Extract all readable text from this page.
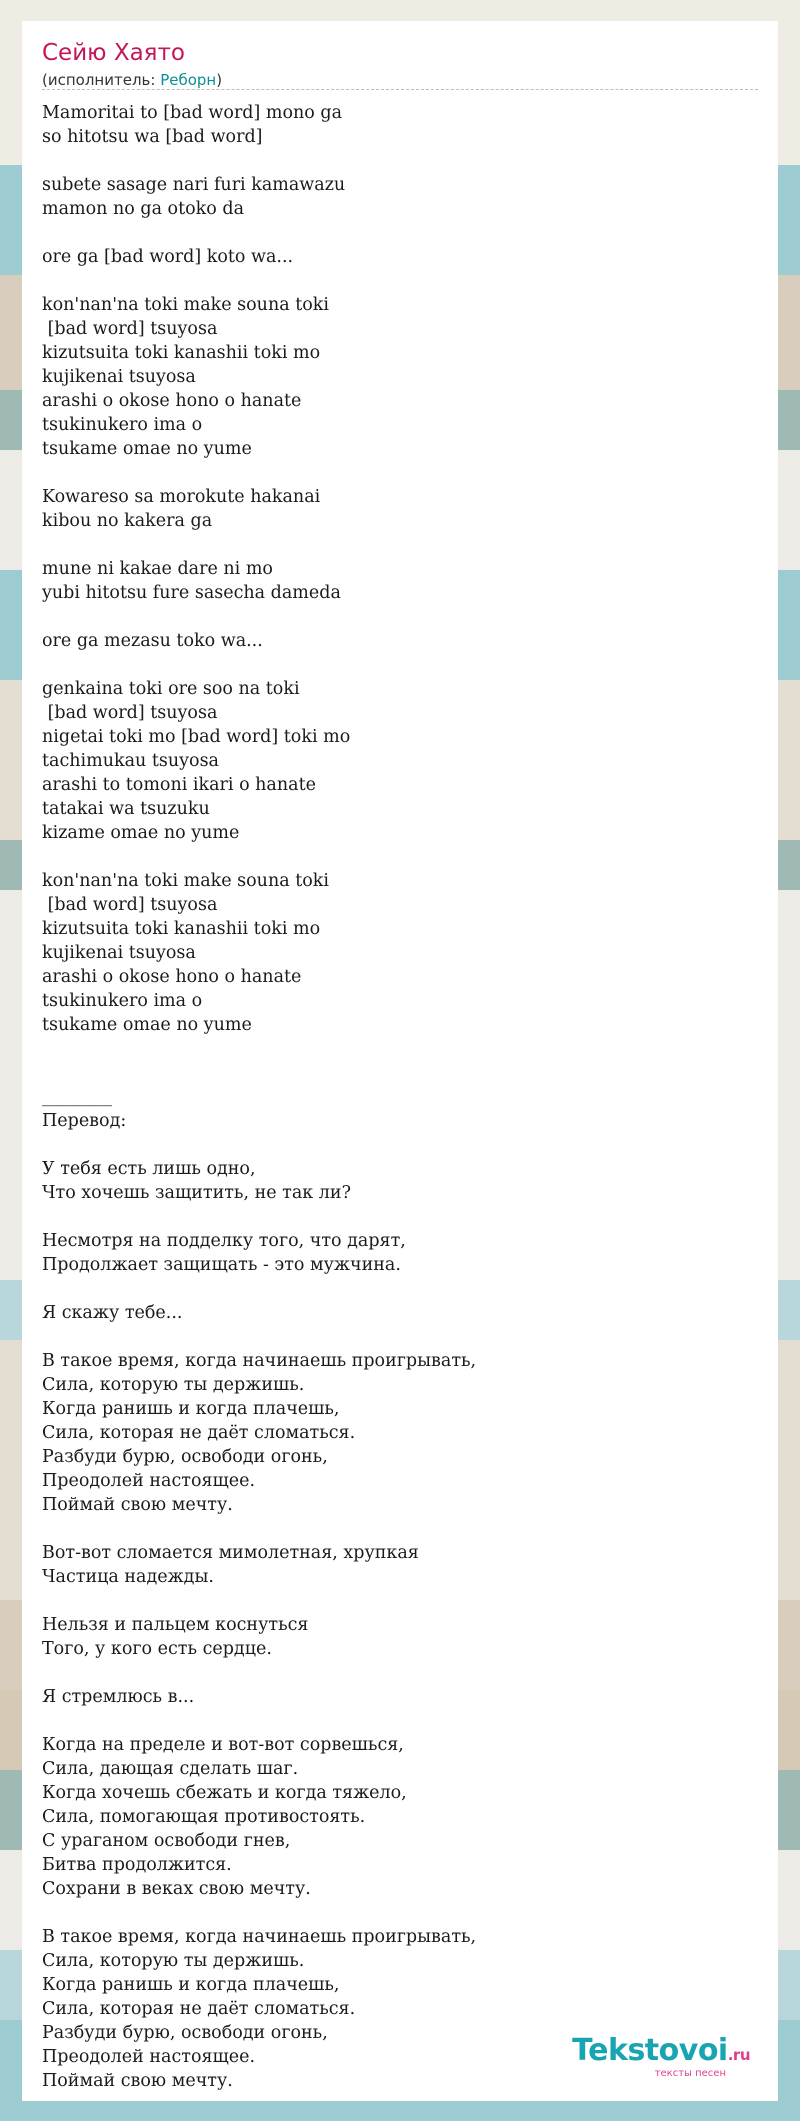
Сейю Хаято
(исполнитель: Реборн)
Mamoritai to [bad word] mono ga
so hitotsu wa [bad word]
subete sasage nari furi kamawazu
mamon no ga otoko da
ore ga [bad word] koto wa...
kon'nan'na toki make souna toki
[bad word] tsuyosa
kizutsuita toki kanashii toki mo
kujikenai tsuyosa
arashi o okose hono o hanate
tsukinukero ima o
tsukame omae no yume
Kowareso sa morokute hakanai
kibou no kakera ga
mune ni kakae dare ni mo
yubi hitotsu fure sasecha dameda
ore ga mezasu toko wa...
genkaina toki ore soo na toki
[bad word] tsuyosa
nigetai toki mo [bad word] toki mo
tachimukau tsuyosa
arashi to tomoni ikari o hanate
tatakai wa tsuzuku
kizame omae no yume
kon'nan'na toki make souna toki
[bad word] tsuyosa
kizutsuita toki kanashii toki mo
kujikenai tsuyosa
arashi o okose hono o hanate
tsukinukero ima o
tsukame omae no yume
________
Перевод:
У тебя есть лишь одно,
Что хочешь защитить, не так ли?
Несмотря на подделку того, что дарят,
Продолжает защищать - это мужчина.
Я скажу тебе...
В такое время, когда начинаешь проигрывать,
Сила, которую ты держишь.
Когда ранишь и когда плачешь,
Сила, которая не даёт сломаться.
Разбуди бурю, освободи огонь,
Преодолей настоящее.
Поймай свою мечту.
Вот-вот сломается мимолетная, хрупкая
Частица надежды.
Нельзя и пальцем коснуться
Того, у кого есть сердце.
Я стремлюсь в...
Когда на пределе и вот-вот сорвешься,
Сила, дающая сделать шаг.
Когда хочешь сбежать и когда тяжело,
Сила, помогающая противостоять.
С ураганом освободи гнев,
Битва продолжится.
Сохрани в веках свою мечту.
В такое время, когда начинаешь проигрывать,
Сила, которую ты держишь.
Когда ранишь и когда плачешь,
Сила, которая не даёт сломаться.
Разбуди бурю, освободи огонь,
Преодолей настоящее.
Поймай свою мечту.
Tekstovoi.ru
тексты песен
